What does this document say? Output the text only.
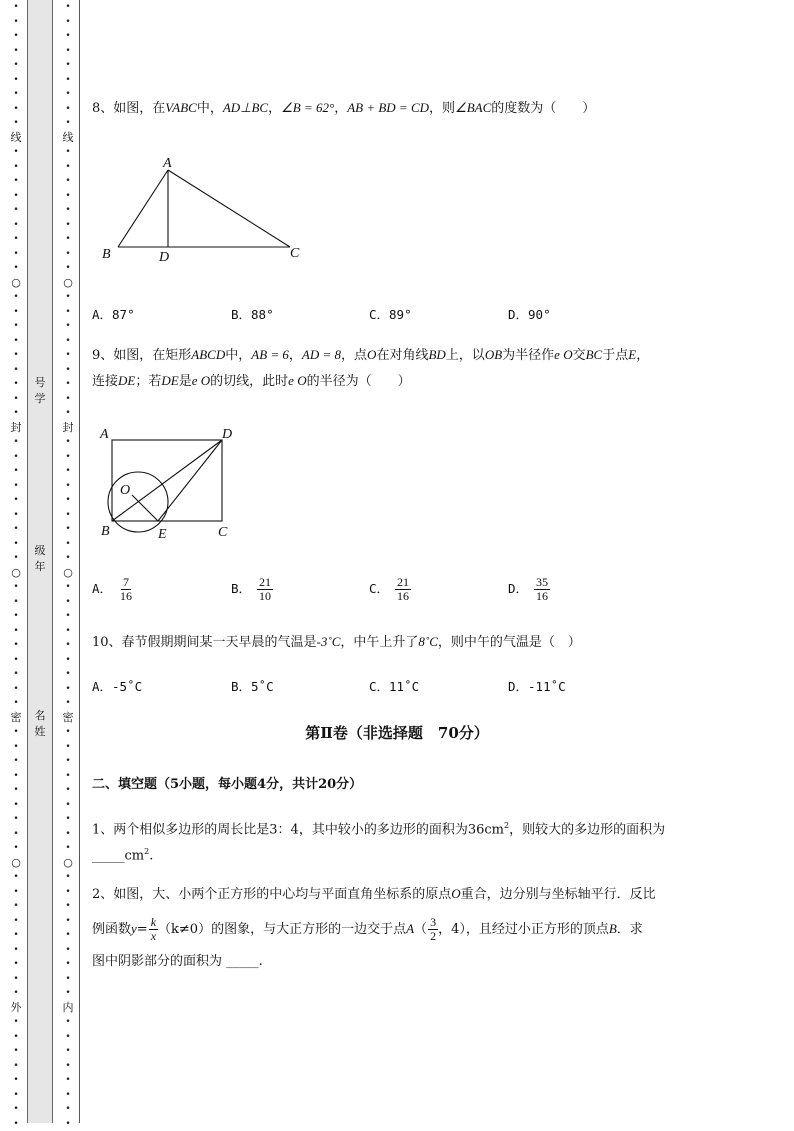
•
•
•
•
•
•
•
•
•
线
•
•
•
•
•
•
•
•
•
○
•
•
•
•
•
•
•
•
•
封
•
•
•
•
•
•
•
•
•
○
•
•
•
•
•
•
•
•
•
密
•
•
•
•
•
•
•
•
•
○
•
•
•
•
•
•
•
•
•
外
•
•
•
•
•
•
•
•
•
•
•
•
•
•
•
•
•
线
•
•
•
•
•
•
•
•
•
○
•
•
•
•
•
•
•
•
•
封
•
•
•
•
•
•
•
•
•
○
•
•
•
•
•
•
•
•
•
密
•
•
•
•
•
•
•
•
•
○
•
•
•
•
•
•
•
•
•
内
•
•
•
•
•
•
•
•
号
学
级
年
名
姓
8、如图，在VABC中，AD⊥BC，∠B = 62°，AB + BD = CD，则∠BAC的度数为（　　）
A
B	D	C
A．87°	B．88°	C．89°	D．90°
9、如图，在矩形ABCD中，AB = 6，AD = 8，点O在对角线BD上，以OB为半径作e O交BC于点E，
连接DE；若DE是e O的切线，此时e O的半径为（　　）
A	D
O
B	E	C
A． $\frac{7}{16}$	B． $\frac{21}{10}$	C． $\frac{21}{16}$	D． $\frac{35}{16}$
10、春节假期期间某一天早晨的气温是-3˚C，中午上升了8˚C，则中午的气温是（　）
A．-5˚C	B．5˚C	C．11˚C	D．-11˚C
第Ⅱ卷（非选择题　70分）
二、填空题（5小题，每小题4分，共计20分）
1、两个相似多边形的周长比是3：4，其中较小的多边形的面积为$36cm^2$，则较大的多边形的面积为
$\_\_\_\_\_cm^2$.
2、如图，大、小两个正方形的中心均与平面直角坐标系的原点O重合，边分别与坐标轴平行．反比
例函数$y= \frac{k}{x} (k\ne 0)$的图象，与大正方形的一边交于点$A( \frac{3}{2}$ ，4），且经过小正方形的顶点B．求
图中阴影部分的面积为 _____.
